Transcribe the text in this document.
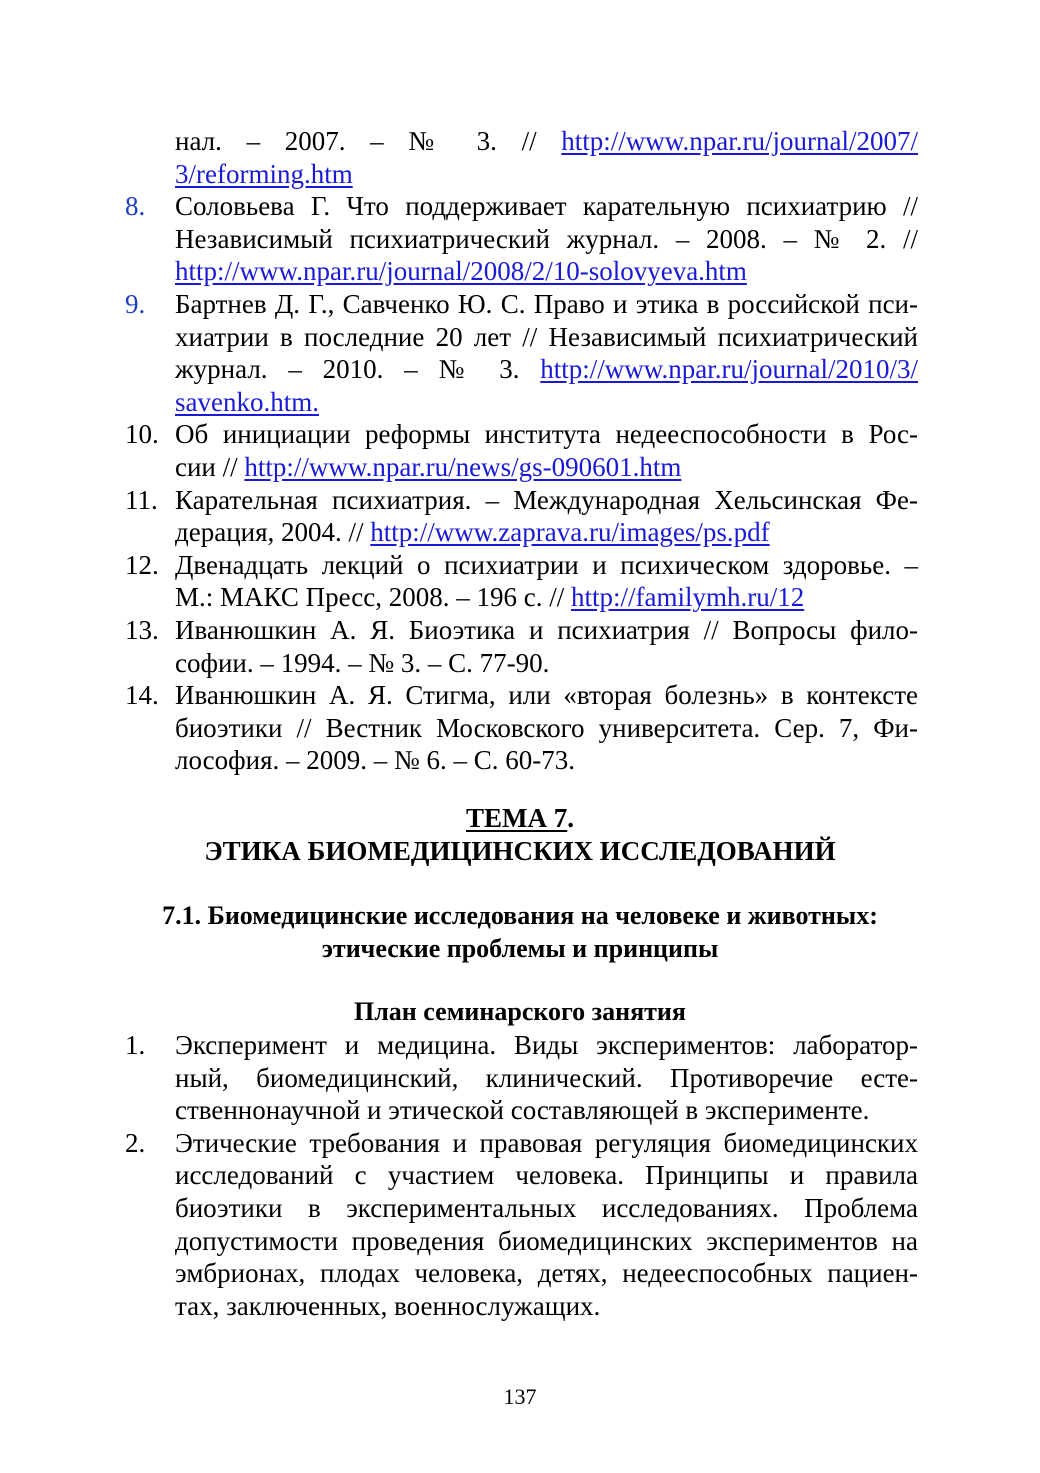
нал. – 2007. – № 3. // http://www.npar.ru/journal/2007/
3/reforming.htm
8.	Соловьева Г. Что поддерживает карательную психиатрию //
Независимый психиатрический журнал. – 2008. – № 2. //
http://www.npar.ru/journal/2008/2/10-solovyeva.htm
9.	Бартнев Д. Г., Савченко Ю. С. Право и этика в российской пси-
хиатрии в последние 20 лет // Независимый психиатрический
журнал. – 2010. – № 3. http://www.npar.ru/journal/2010/3/
savenko.htm.
10. Об инициации реформы института недееспособности в Рос-
сии // http://www.npar.ru/news/gs-090601.htm
11. Карательная психиатрия. – Международная Хельсинская Фе-
дерация, 2004. // http://www.zaprava.ru/images/ps.pdf
12. Двенадцать лекций о психиатрии и психическом здоровье. –
М.: МАКС Пресс, 2008. – 196 с. // http://familymh.ru/12
13. Иванюшкин А. Я. Биоэтика и психиатрия // Вопросы фило-
софии. – 1994. – № 3. – С. 77-90.
14. Иванюшкин А. Я. Стигма, или «вторая болезнь» в контексте
биоэтики // Вестник Московского университета. Сер. 7, Фи-
лософия. – 2009. – № 6. – С. 60-73.
ТЕМА 7.
ЭТИКА БИОМЕДИЦИНСКИХ ИССЛЕДОВАНИЙ
7.1. Биомедицинские исследования на человеке и животных:
этические проблемы и принципы
План семинарского занятия
1.	Эксперимент и медицина. Виды экспериментов: лаборатор-
ный, биомедицинский, клинический. Противоречие есте-
ственнонаучной и этической составляющей в эксперименте.
2.	Этические требования и правовая регуляция биомедицинских
исследований с участием человека. Принципы и правила
биоэтики в экспериментальных исследованиях. Проблема
допустимости проведения биомедицинских экспериментов на
эмбрионах, плодах человека, детях, недееспособных пациен-
тах, заключенных, военнослужащих.
137
